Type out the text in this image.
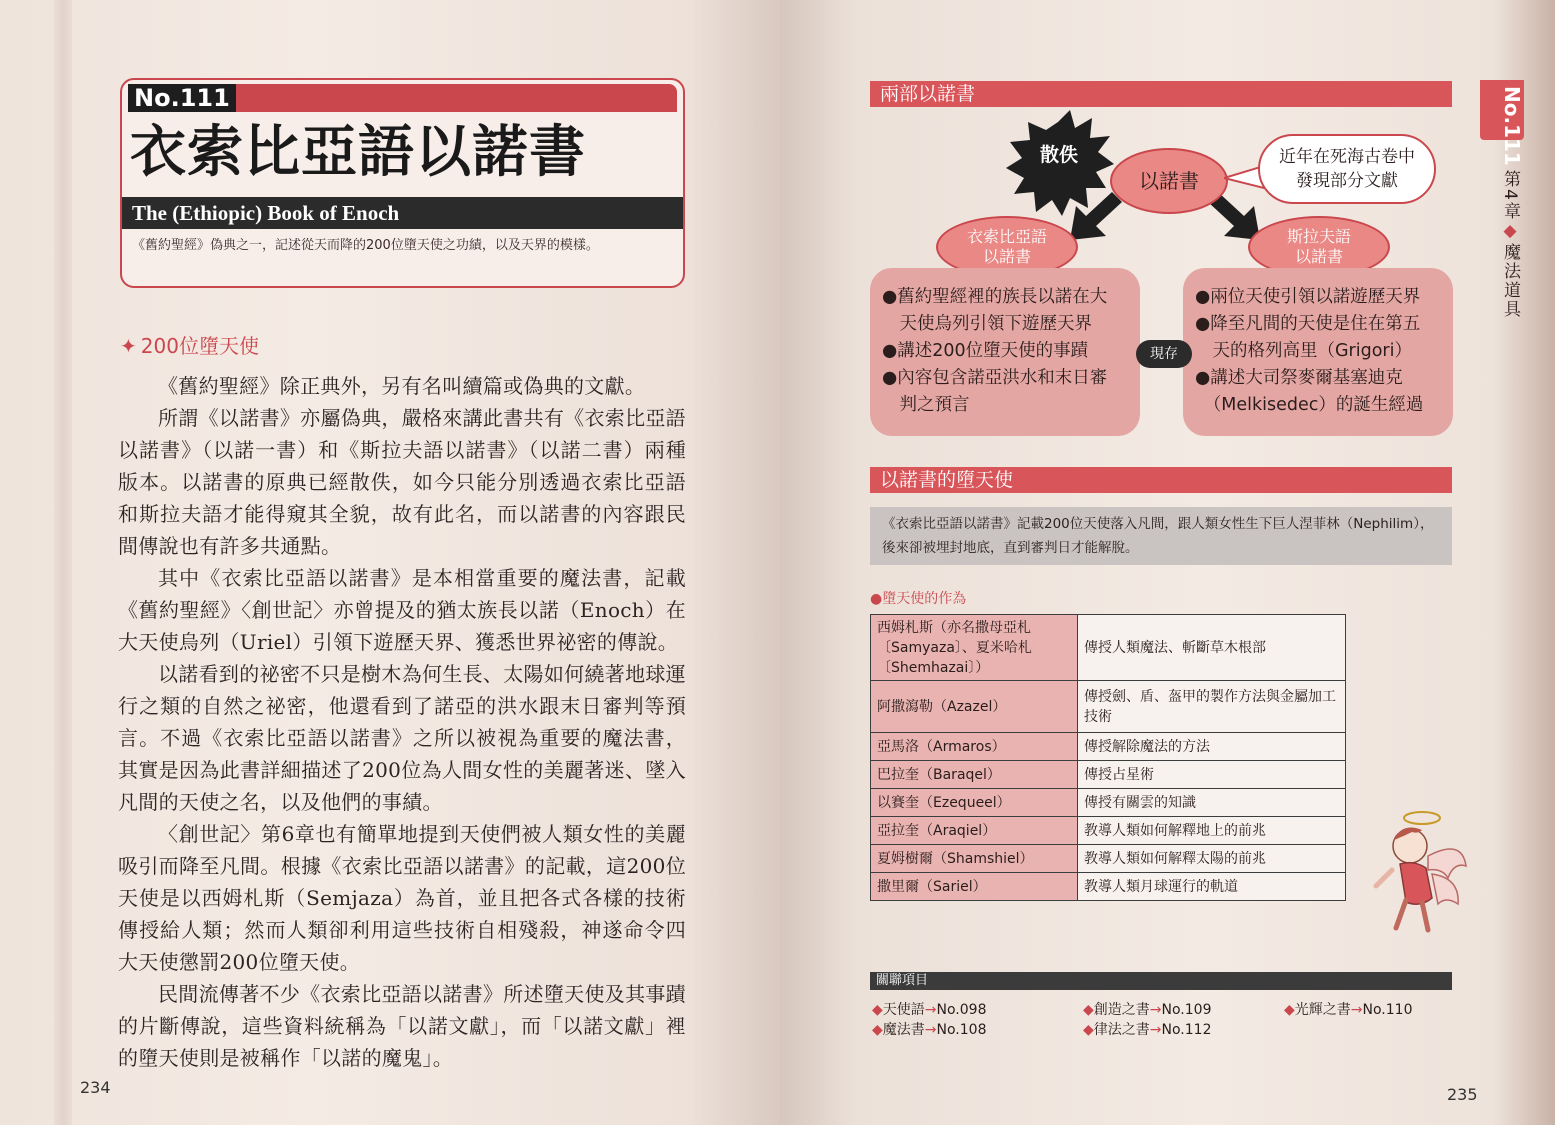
No.111
衣索比亞語以諾書
The (Ethiopic) Book of Enoch
《舊約聖經》偽典之一，記述從天而降的200位墮天使之功績，以及天界的模樣。
✦ 200位墮天使

《舊約聖經》除正典外，另有名叫續篇或偽典的文獻。

所謂《以諾書》亦屬偽典，嚴格來講此書共有《衣索比亞語以諾書》（以諾一書）和《斯拉夫語以諾書》（以諾二書）兩種版本。以諾書的原典已經散佚，如今只能分別透過衣索比亞語和斯拉夫語才能得窺其全貌，故有此名，而以諾書的內容跟民間傳說也有許多共通點。

其中《衣索比亞語以諾書》是本相當重要的魔法書，記載《舊約聖經》〈創世記〉亦曾提及的猶太族長以諾（Enoch）在大天使烏列（Uriel）引領下遊歷天界、獲悉世界祕密的傳說。

以諾看到的祕密不只是樹木為何生長、太陽如何繞著地球運行之類的自然之祕密，他還看到了諾亞的洪水跟末日審判等預言。不過《衣索比亞語以諾書》之所以被視為重要的魔法書，其實是因為此書詳細描述了200位為人間女性的美麗著迷、墜入凡間的天使之名，以及他們的事績。

〈創世記〉第6章也有簡單地提到天使們被人類女性的美麗吸引而降至凡間。根據《衣索比亞語以諾書》的記載，這200位天使是以西姆札斯（Semjaza）為首，並且把各式各樣的技術傳授給人類；然而人類卻利用這些技術自相殘殺，神遂命令四大天使懲罰200位墮天使。

民間流傳著不少《衣索比亞語以諾書》所述墮天使及其事蹟的片斷傳說，這些資料統稱為「以諾文獻」，而「以諾文獻」裡的墮天使則是被稱作「以諾的魔鬼」。

234
兩部以諾書
散佚
以諾書
近年在死海古卷中
發現部分文獻
衣索比亞語
以諾書
斯拉夫語
以諾書
●舊約聖經裡的族長以諾在大
　天使烏列引領下遊歷天界
●講述200位墮天使的事蹟
●內容包含諾亞洪水和末日審
　判之預言
●兩位天使引領以諾遊歷天界
●降至凡間的天使是住在第五
　天的格列高里（Grigori）
●講述大司祭麥爾基塞迪克
　（Melkisedec）的誕生經過
現存
以諾書的墮天使
《衣索比亞語以諾書》記載200位天使落入凡間，跟人類女性生下巨人涅菲林（Nephilim），後來卻被埋封地底，直到審判日才能解脫。
●墮天使的作為
西姆札斯（亦名撒母亞札〔Samyaza〕、夏米哈札〔Shemhazai〕）	傳授人類魔法、斬斷草木根部
阿撒瀉勒（Azazel）	傳授劍、盾、盔甲的製作方法與金屬加工技術
亞馬洛（Armaros）	傳授解除魔法的方法
巴拉奎（Baraqel）	傳授占星術
以賽奎（Ezequeel）	傳授有關雲的知識
亞拉奎（Araqiel）	教導人類如何解釋地上的前兆
夏姆樹爾（Shamshiel）	教導人類如何解釋太陽的前兆
撒里爾（Sariel）	教導人類月球運行的軌道
關聯項目
◆天使語→No.098	◆創造之書→No.109	◆光輝之書→No.110
◆魔法書→No.108	◆律法之書→No.112
No.111
第4章◆魔法道具
235
